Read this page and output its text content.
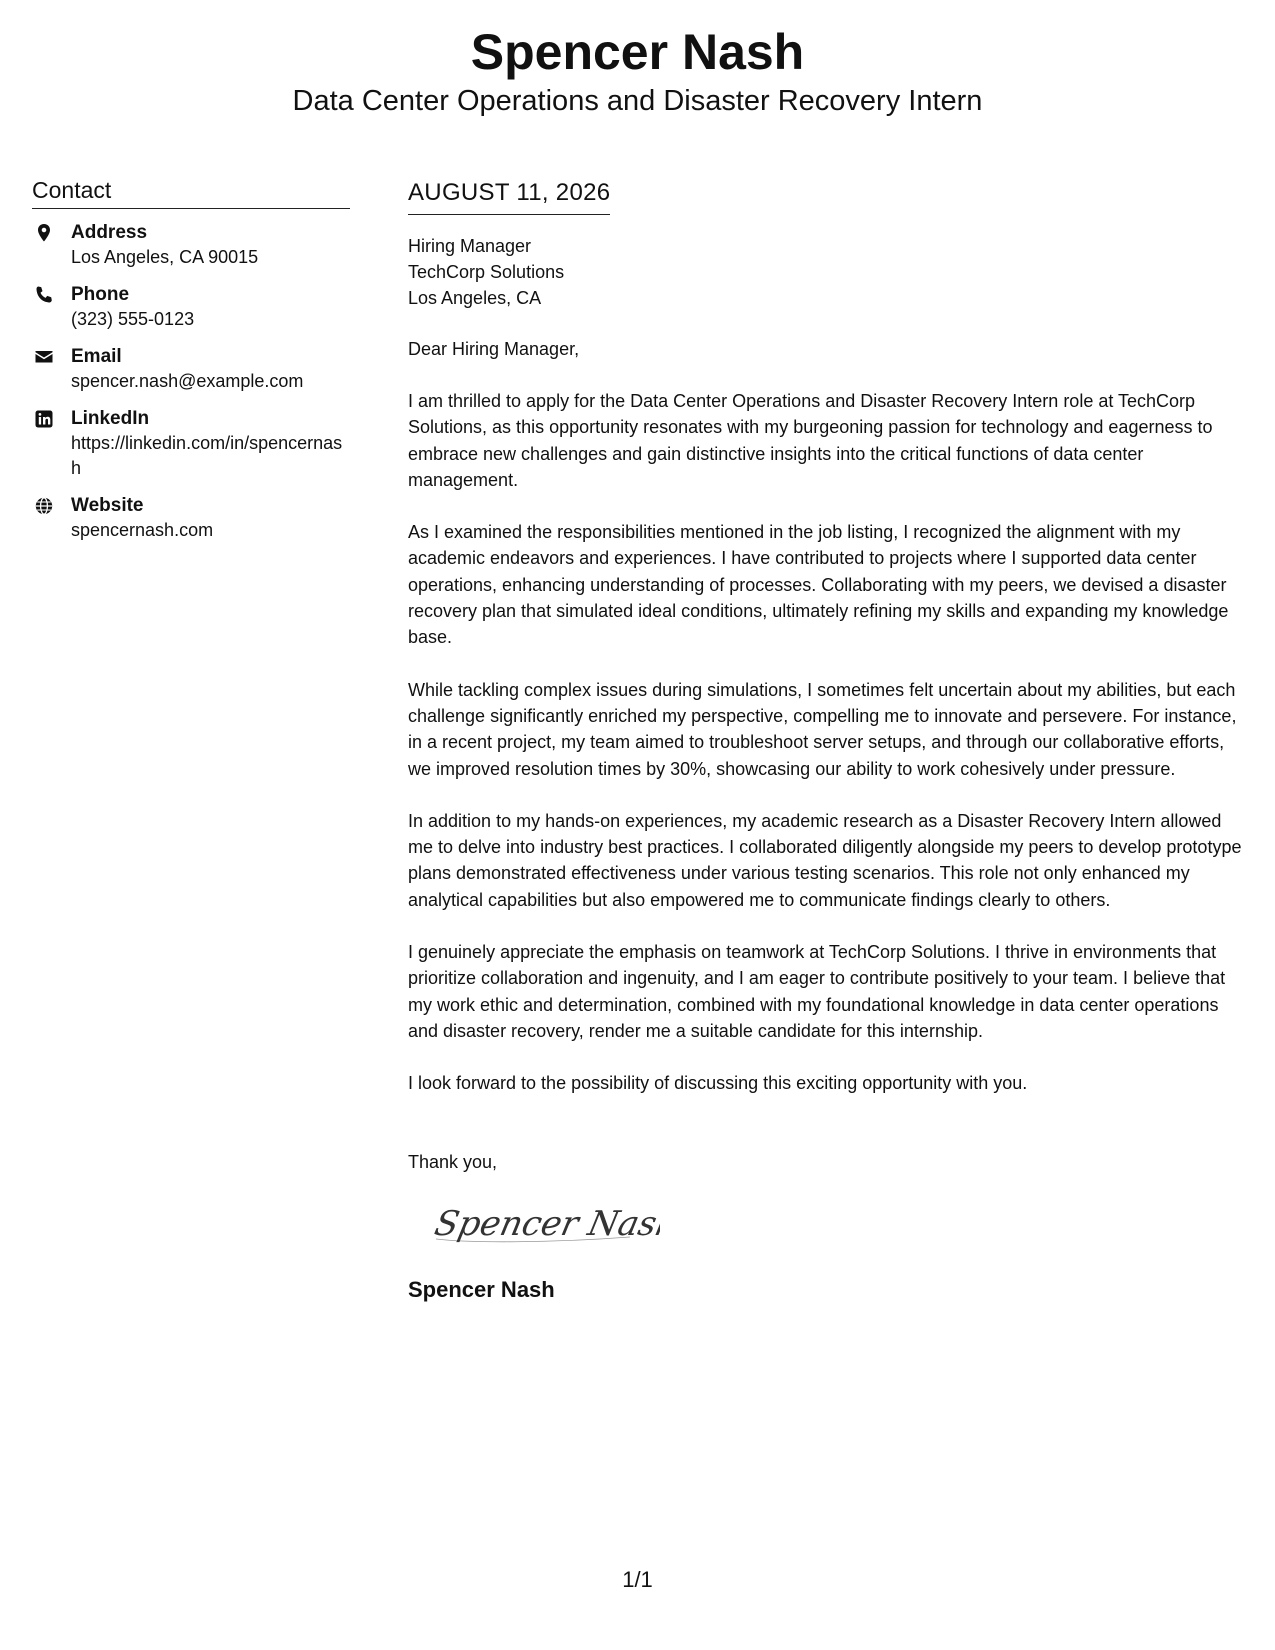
Spencer Nash
Data Center Operations and Disaster Recovery Intern
Contact
Address
Los Angeles, CA 90015
Phone
(323) 555-0123
Email
spencer.nash@example.com
LinkedIn
https://linkedin.com/in/spencernash
Website
spencernash.com
AUGUST 11, 2026
Hiring Manager
TechCorp Solutions
Los Angeles, CA
Dear Hiring Manager,
I am thrilled to apply for the Data Center Operations and Disaster Recovery Intern role at TechCorp Solutions, as this opportunity resonates with my burgeoning passion for technology and eagerness to embrace new challenges and gain distinctive insights into the critical functions of data center management.
As I examined the responsibilities mentioned in the job listing, I recognized the alignment with my academic endeavors and experiences. I have contributed to projects where I supported data center operations, enhancing understanding of processes. Collaborating with my peers, we devised a disaster recovery plan that simulated ideal conditions, ultimately refining my skills and expanding my knowledge base.
While tackling complex issues during simulations, I sometimes felt uncertain about my abilities, but each challenge significantly enriched my perspective, compelling me to innovate and persevere. For instance, in a recent project, my team aimed to troubleshoot server setups, and through our collaborative efforts, we improved resolution times by 30%, showcasing our ability to work cohesively under pressure.
In addition to my hands-on experiences, my academic research as a Disaster Recovery Intern allowed me to delve into industry best practices. I collaborated diligently alongside my peers to develop prototype plans demonstrated effectiveness under various testing scenarios. This role not only enhanced my analytical capabilities but also empowered me to communicate findings clearly to others.
I genuinely appreciate the emphasis on teamwork at TechCorp Solutions. I thrive in environments that prioritize collaboration and ingenuity, and I am eager to contribute positively to your team. I believe that my work ethic and determination, combined with my foundational knowledge in data center operations and disaster recovery, render me a suitable candidate for this internship.
I look forward to the possibility of discussing this exciting opportunity with you.
Thank you,
Spencer Nash
Spencer Nash
1/1
